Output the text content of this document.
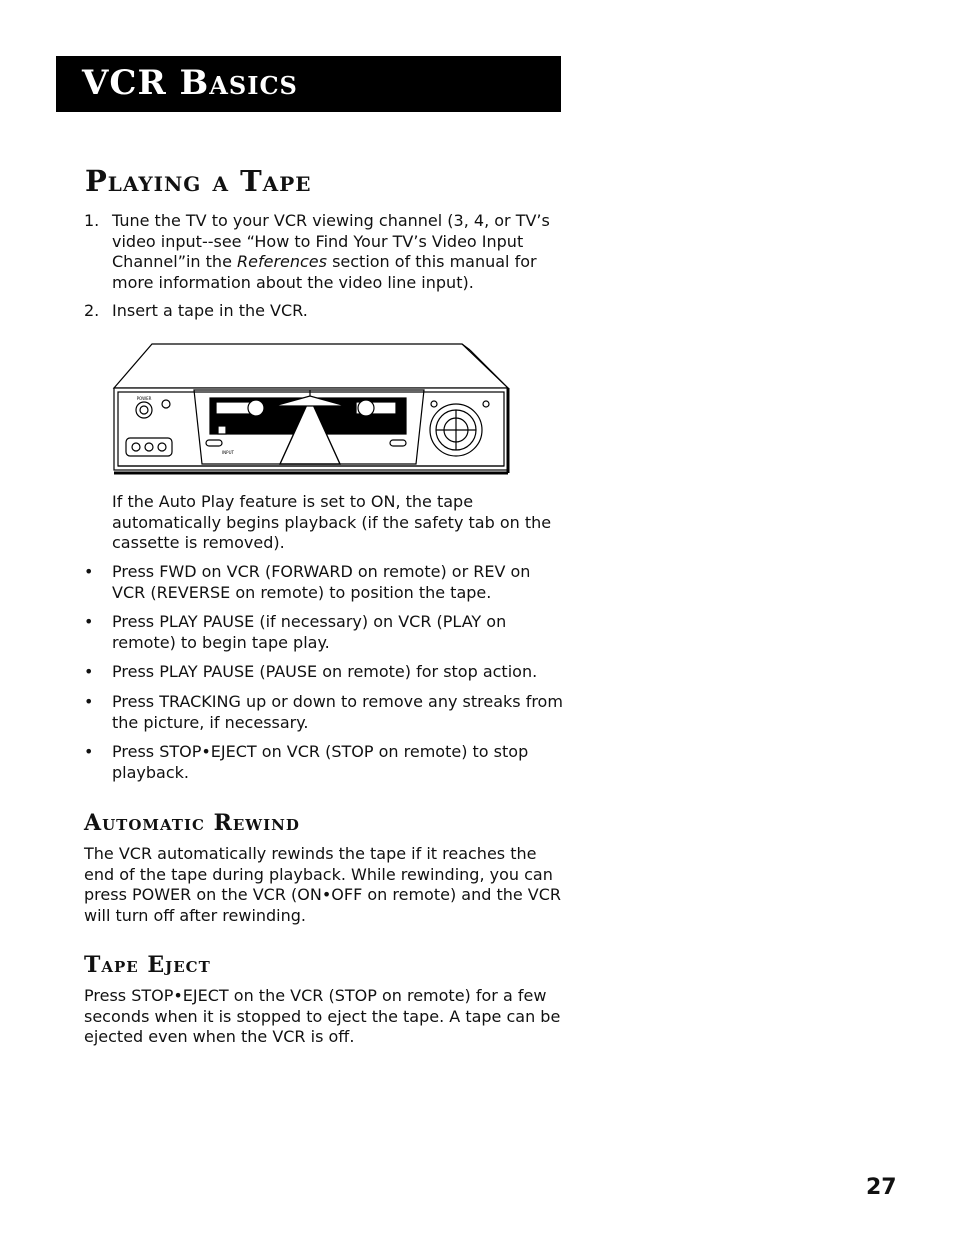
VCR Basics
Playing a Tape
1. Tune the TV to your VCR viewing channel (3, 4, or TV’s video input--see “How to Find Your TV’s Video Input Channel”in the References section of this manual for more information about the video line input).
2. Insert a tape in the VCR.
POWER
INPUT
If the Auto Play feature is set to ON, the tape automatically begins playback (if the safety tab on the cassette is removed).
•	Press FWD on VCR (FORWARD on remote) or REV on VCR (REVERSE on remote) to position the tape.
•	Press PLAY PAUSE (if necessary) on VCR (PLAY on remote) to begin tape play.
•	Press PLAY PAUSE (PAUSE on remote) for stop action.
•	Press TRACKING up or down to remove any streaks from the picture, if necessary.
•	Press STOP•EJECT on VCR (STOP on remote) to stop playback.
Automatic Rewind
The VCR automatically rewinds the tape if it reaches the end of the tape during playback. While rewinding, you can press POWER on the VCR (ON•OFF on remote) and the VCR will turn off after rewinding.
Tape Eject
Press STOP•EJECT on the VCR (STOP on remote) for a few seconds when it is stopped to eject the tape. A tape can be ejected even when the VCR is off.
27
